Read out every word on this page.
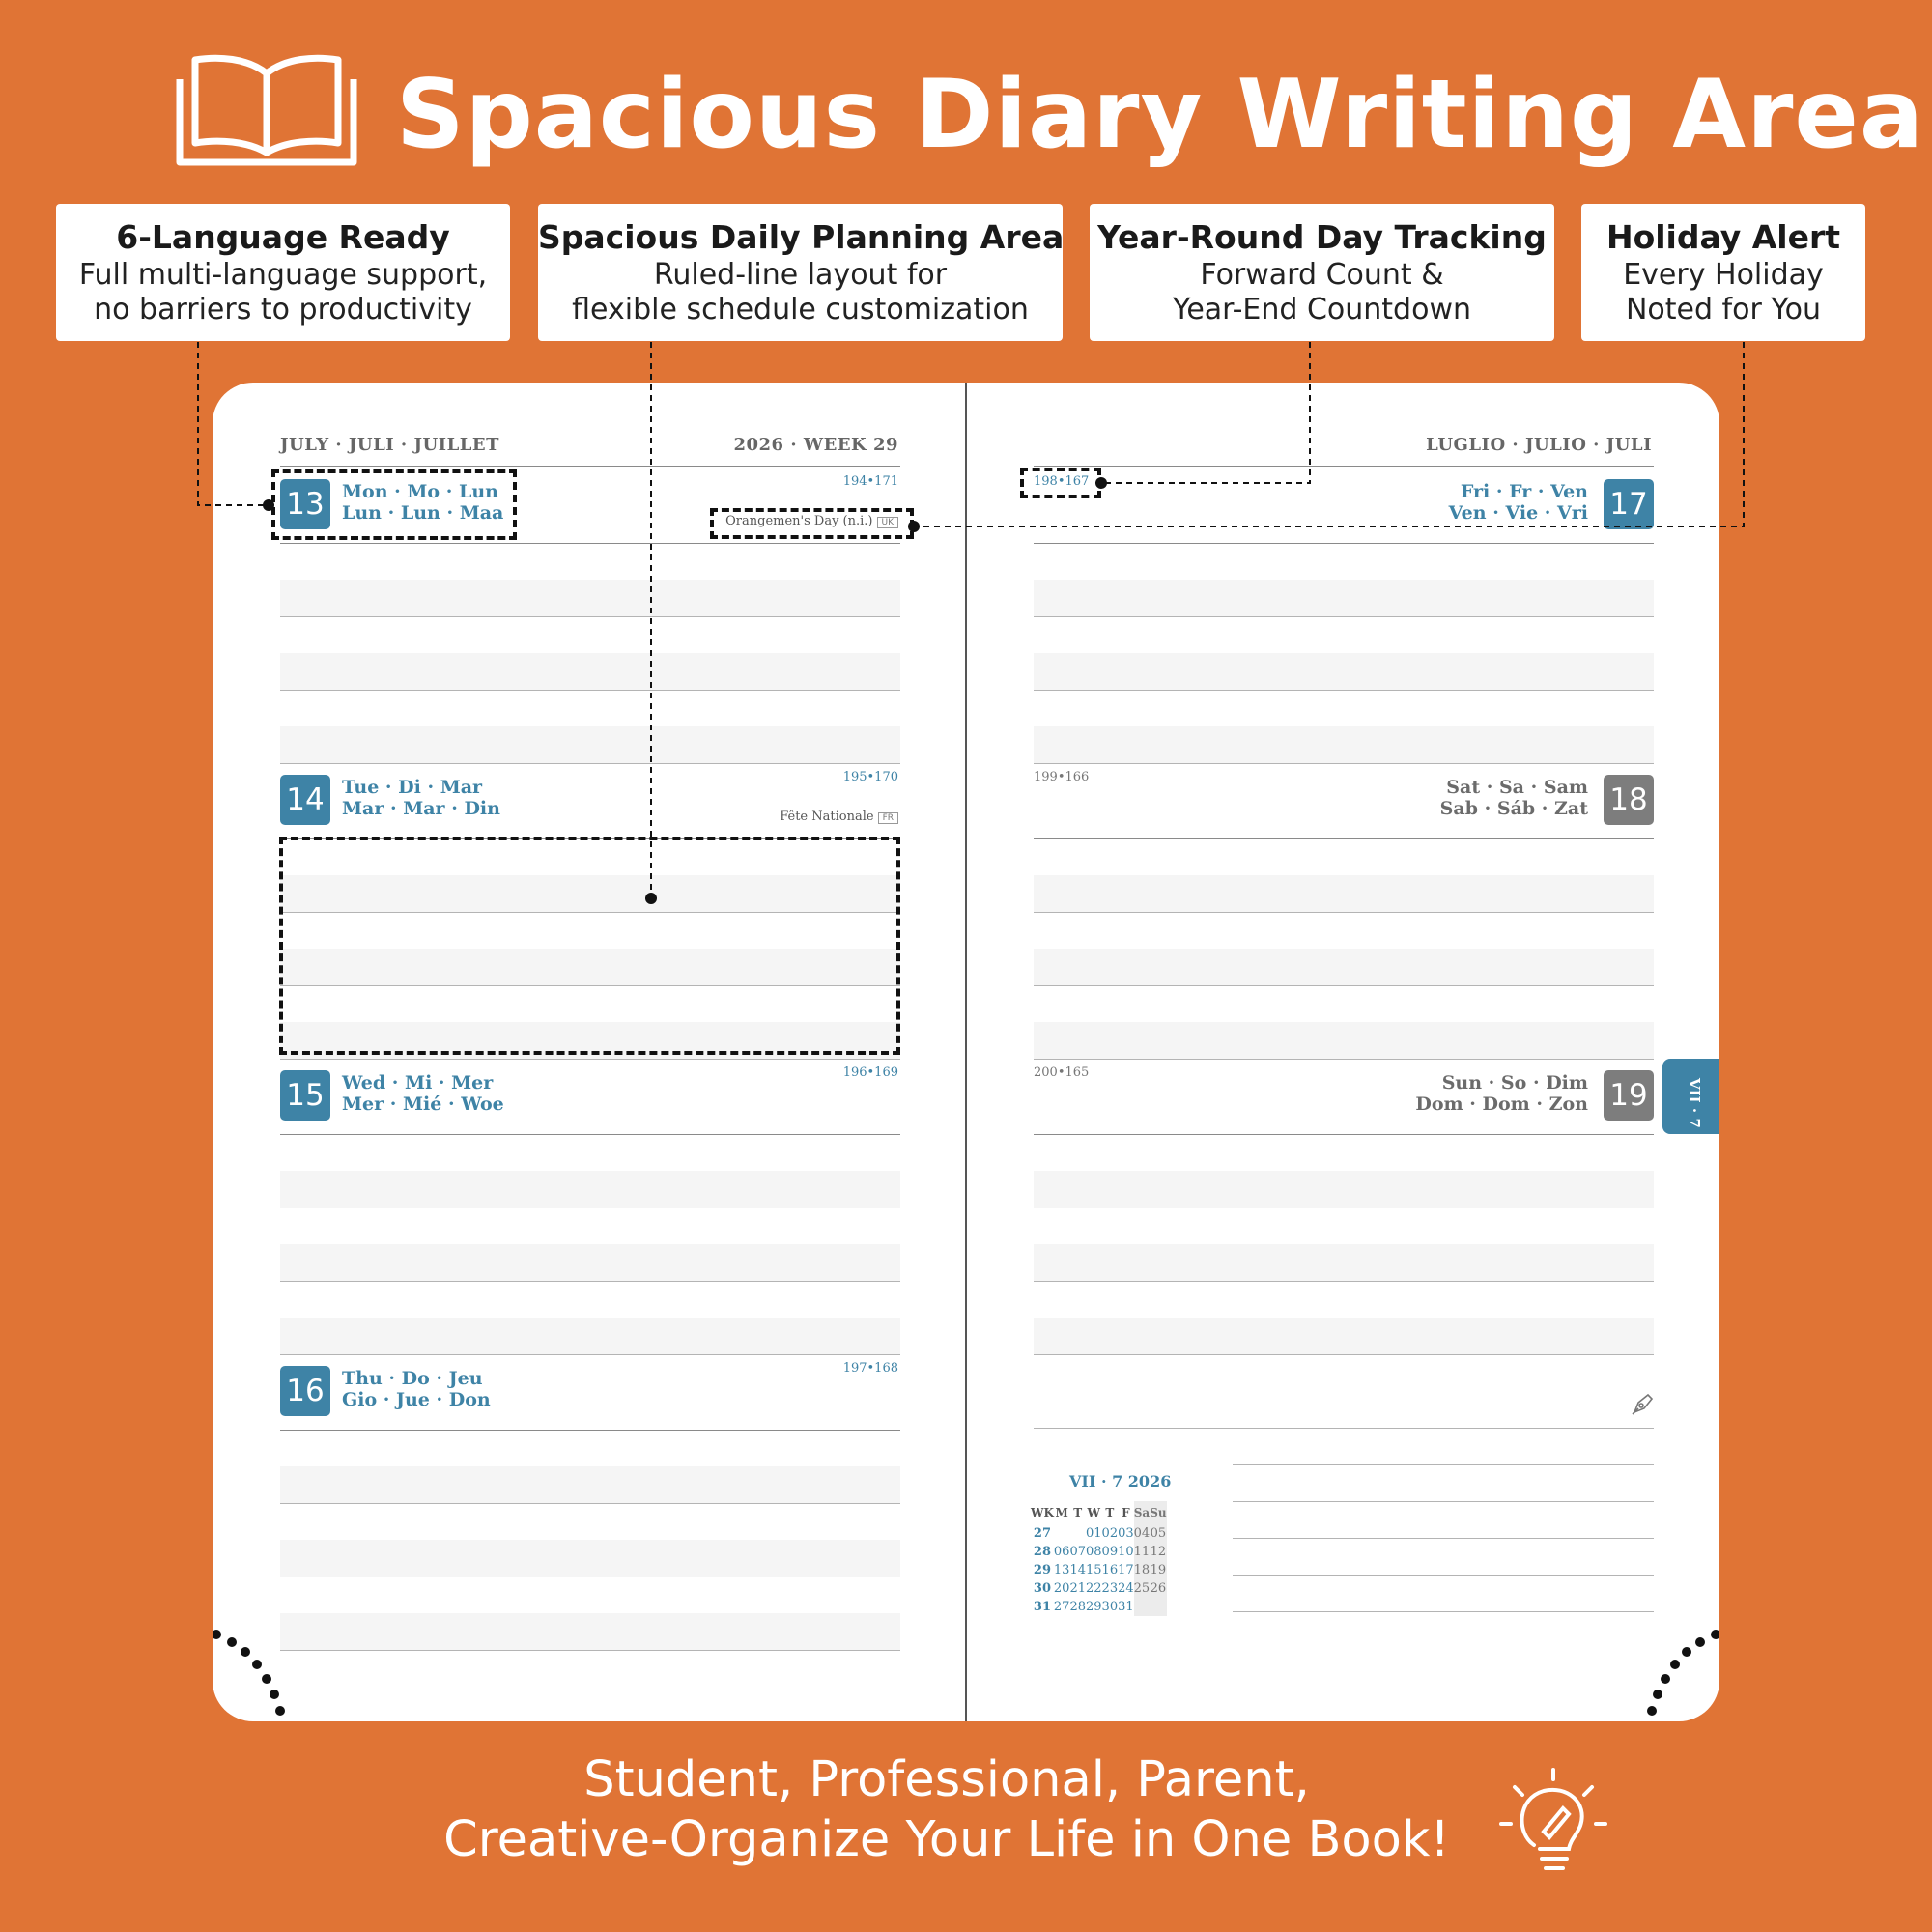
Spacious Diary Writing Area
6-Language Ready
Full multi-language support,
no barriers to productivity
Spacious Daily Planning Area
Ruled-line layout for
flexible schedule customization
Year-Round Day Tracking
Forward Count &
Year-End Countdown
Holiday Alert
Every Holiday
Noted for You
JULY · JULI · JUILLET	2026 · WEEK 29	LUGLIO · JULIO · JULI
13 Mon · Mo · Lun
Lun · Lun · Maa
194•171
Orangemen's Day (n.i.) UK
14 Tue · Di · Mar
Mar · Mar · Din
195•170
Fête Nationale FR
15 Wed · Mi · Mer
Mer · Mié · Woe
196•169
16 Thu · Do · Jeu
Gio · Jue · Don
197•168
17
Fri · Fr · Ven
Ven · Vie · Vri
198•167
18
Sat · Sa · Sam
Sab · Sáb · Zat
199•166
19
Sun · So · Dim
Dom · Dom · Zon
200•165
VII · 7 2026
WK	M	T	W	T	F	Sa	Su
27			01	02	03	04	05
28	06	07	08	09	10	11	12
29	13	14	15	16	17	18	19
30	20	21	22	23	24	25	26
31	27	28	29	30	31		
VII · 7
Student, Professional, Parent,
Creative-Organize Your Life in One Book!
